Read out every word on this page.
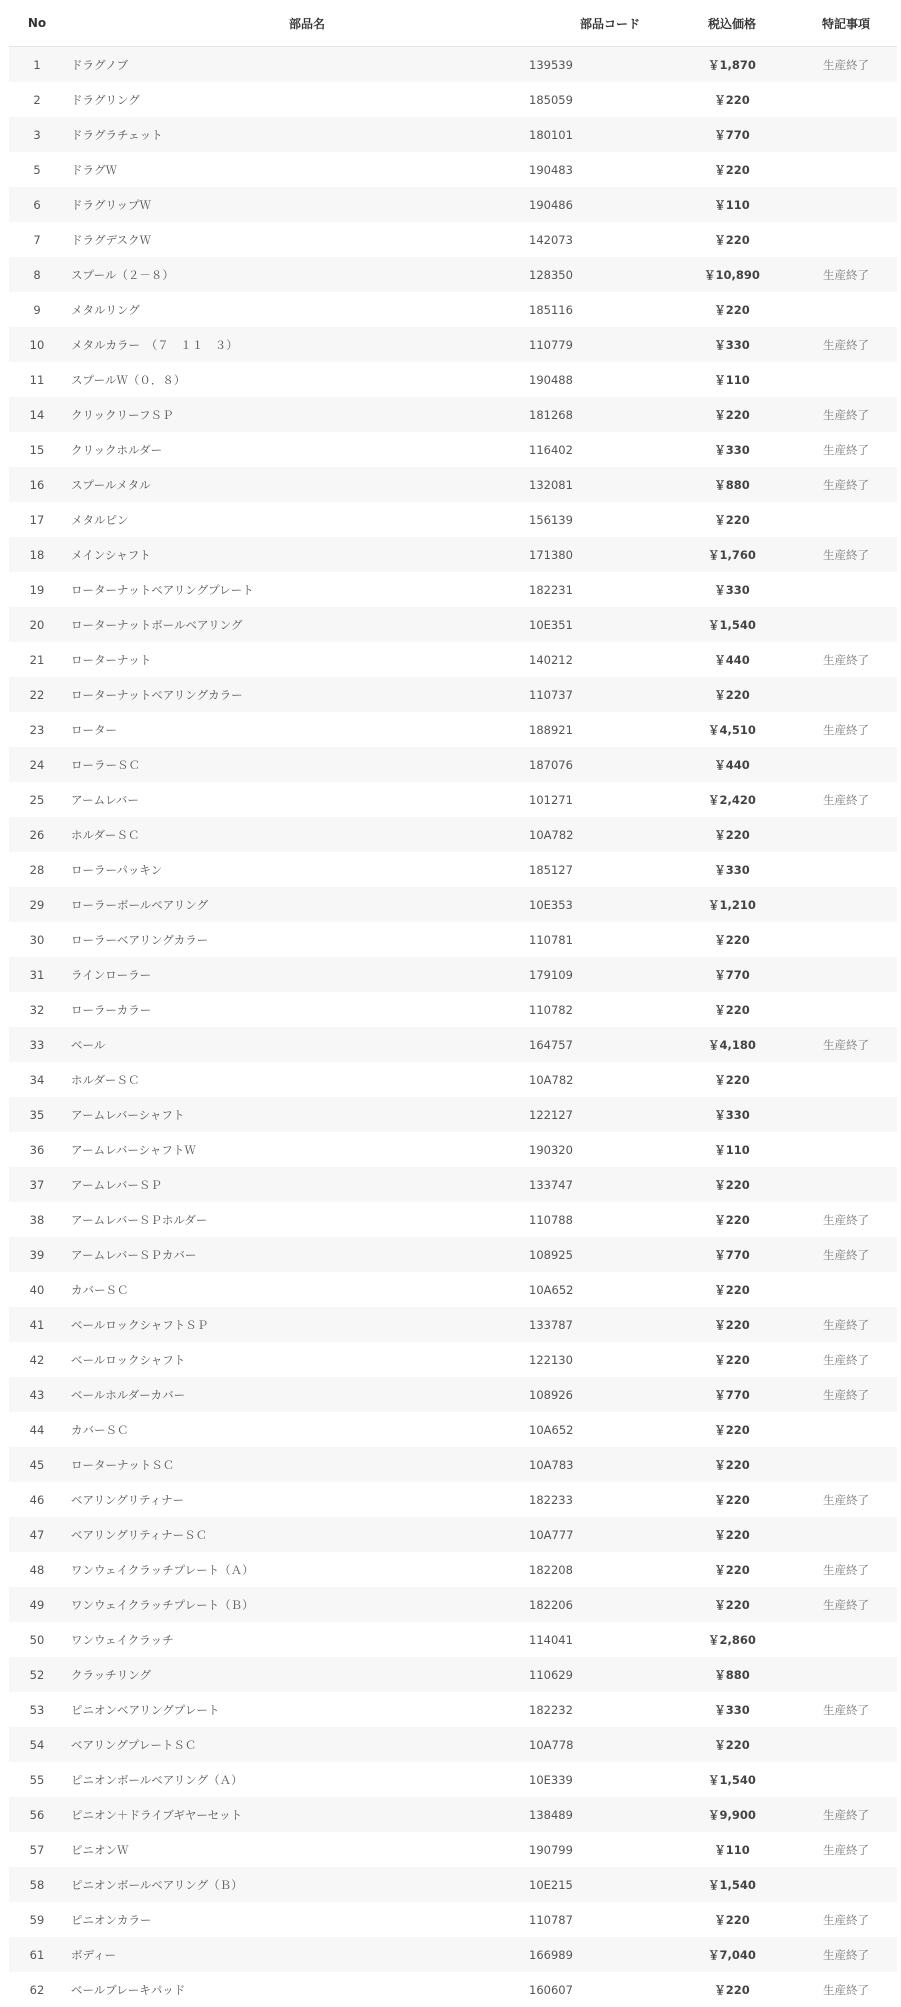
No	部品名	部品コード	税込価格	特記事項
1	ドラグノブ	139539	￥1,870	生産終了
2	ドラグリング	185059	￥220
3	ドラグラチェット	180101	￥770
5	ドラグＷ	190483	￥220
6	ドラグリップＷ	190486	￥110
7	ドラグデスクＷ	142073	￥220
8	スプール（２－８）	128350	￥10,890	生産終了
9	メタルリング	185116	￥220
10	メタルカラー　（７　１１　３）	110779	￥330	生産終了
11	スプールＷ（０．８）	190488	￥110
14	クリックリーフＳＰ	181268	￥220	生産終了
15	クリックホルダー	116402	￥330	生産終了
16	スプールメタル	132081	￥880	生産終了
17	メタルピン	156139	￥220
18	メインシャフト	171380	￥1,760	生産終了
19	ローターナットベアリングプレート	182231	￥330
20	ローターナットボールベアリング	10E351	￥1,540
21	ローターナット	140212	￥440	生産終了
22	ローターナットベアリングカラー	110737	￥220
23	ローター	188921	￥4,510	生産終了
24	ローラーＳＣ	187076	￥440
25	アームレバー	101271	￥2,420	生産終了
26	ホルダーＳＣ	10A782	￥220
28	ローラーパッキン	185127	￥330
29	ローラーボールベアリング	10E353	￥1,210
30	ローラーベアリングカラー	110781	￥220
31	ラインローラー	179109	￥770
32	ローラーカラー	110782	￥220
33	ベール	164757	￥4,180	生産終了
34	ホルダーＳＣ	10A782	￥220
35	アームレバーシャフト	122127	￥330
36	アームレバーシャフトＷ	190320	￥110
37	アームレバーＳＰ	133747	￥220
38	アームレバーＳＰホルダー	110788	￥220	生産終了
39	アームレバーＳＰカバー	108925	￥770	生産終了
40	カバーＳＣ	10A652	￥220
41	ベールロックシャフトＳＰ	133787	￥220	生産終了
42	ベールロックシャフト	122130	￥220	生産終了
43	ベールホルダーカバー	108926	￥770	生産終了
44	カバーＳＣ	10A652	￥220
45	ローターナットＳＣ	10A783	￥220
46	ベアリングリティナー	182233	￥220	生産終了
47	ベアリングリティナーＳＣ	10A777	￥220
48	ワンウェイクラッチプレート（Ａ）	182208	￥220	生産終了
49	ワンウェイクラッチプレート（Ｂ）	182206	￥220	生産終了
50	ワンウェイクラッチ	114041	￥2,860
52	クラッチリング	110629	￥880
53	ピニオンベアリングプレート	182232	￥330	生産終了
54	ベアリングプレートＳＣ	10A778	￥220
55	ピニオンボールベアリング（Ａ）	10E339	￥1,540
56	ピニオン＋ドライブギヤーセット	138489	￥9,900	生産終了
57	ピニオンＷ	190799	￥110	生産終了
58	ピニオンボールベアリング（Ｂ）	10E215	￥1,540
59	ピニオンカラー	110787	￥220	生産終了
61	ボディー	166989	￥7,040	生産終了
62	ベールブレーキパッド	160607	￥220	生産終了
